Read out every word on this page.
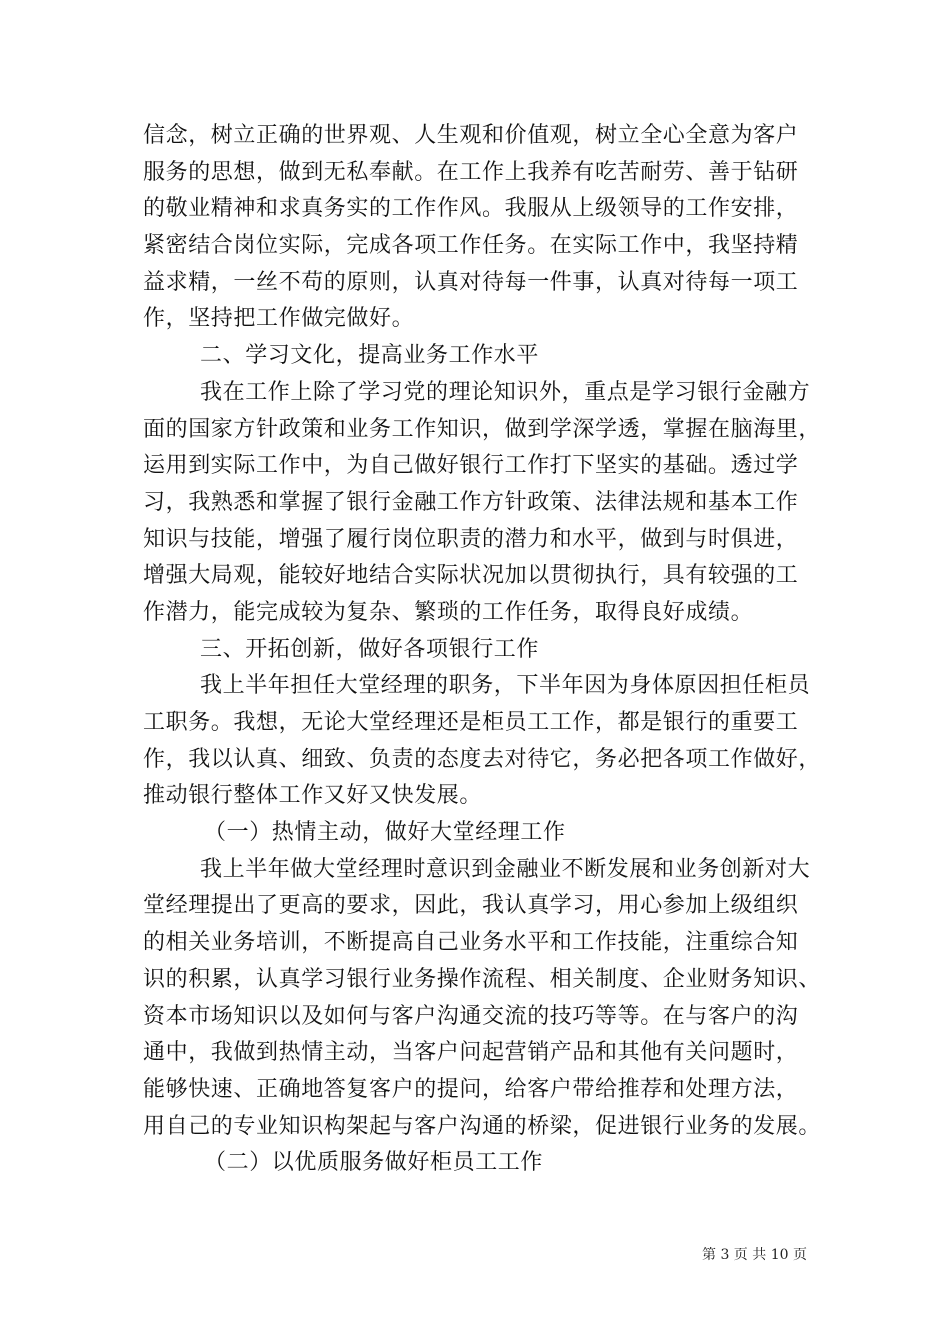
信念，树立正确的世界观、人生观和价值观，树立全心全意为客户
服务的思想，做到无私奉献。在工作上我养有吃苦耐劳、善于钻研
的敬业精神和求真务实的工作作风。我服从上级领导的工作安排，
紧密结合岗位实际，完成各项工作任务。在实际工作中，我坚持精
益求精，一丝不苟的原则，认真对待每一件事，认真对待每一项工
作，坚持把工作做完做好。
二、学习文化，提高业务工作水平
我在工作上除了学习党的理论知识外，重点是学习银行金融方
面的国家方针政策和业务工作知识，做到学深学透，掌握在脑海里，
运用到实际工作中，为自己做好银行工作打下坚实的基础。透过学
习，我熟悉和掌握了银行金融工作方针政策、法律法规和基本工作
知识与技能，增强了履行岗位职责的潜力和水平，做到与时俱进，
增强大局观，能较好地结合实际状况加以贯彻执行，具有较强的工
作潜力，能完成较为复杂、繁琐的工作任务，取得良好成绩。
三、开拓创新，做好各项银行工作
我上半年担任大堂经理的职务，下半年因为身体原因担任柜员
工职务。我想，无论大堂经理还是柜员工工作，都是银行的重要工
作，我以认真、细致、负责的态度去对待它，务必把各项工作做好，
推动银行整体工作又好又快发展。
（一）热情主动，做好大堂经理工作
我上半年做大堂经理时意识到金融业不断发展和业务创新对大
堂经理提出了更高的要求，因此，我认真学习，用心参加上级组织
的相关业务培训，不断提高自己业务水平和工作技能，注重综合知
识的积累，认真学习银行业务操作流程、相关制度、企业财务知识、
资本市场知识以及如何与客户沟通交流的技巧等等。在与客户的沟
通中，我做到热情主动，当客户问起营销产品和其他有关问题时，
能够快速、正确地答复客户的提问，给客户带给推荐和处理方法，
用自己的专业知识构架起与客户沟通的桥梁，促进银行业务的发展。
（二）以优质服务做好柜员工工作
第 3 页 共 10 页
